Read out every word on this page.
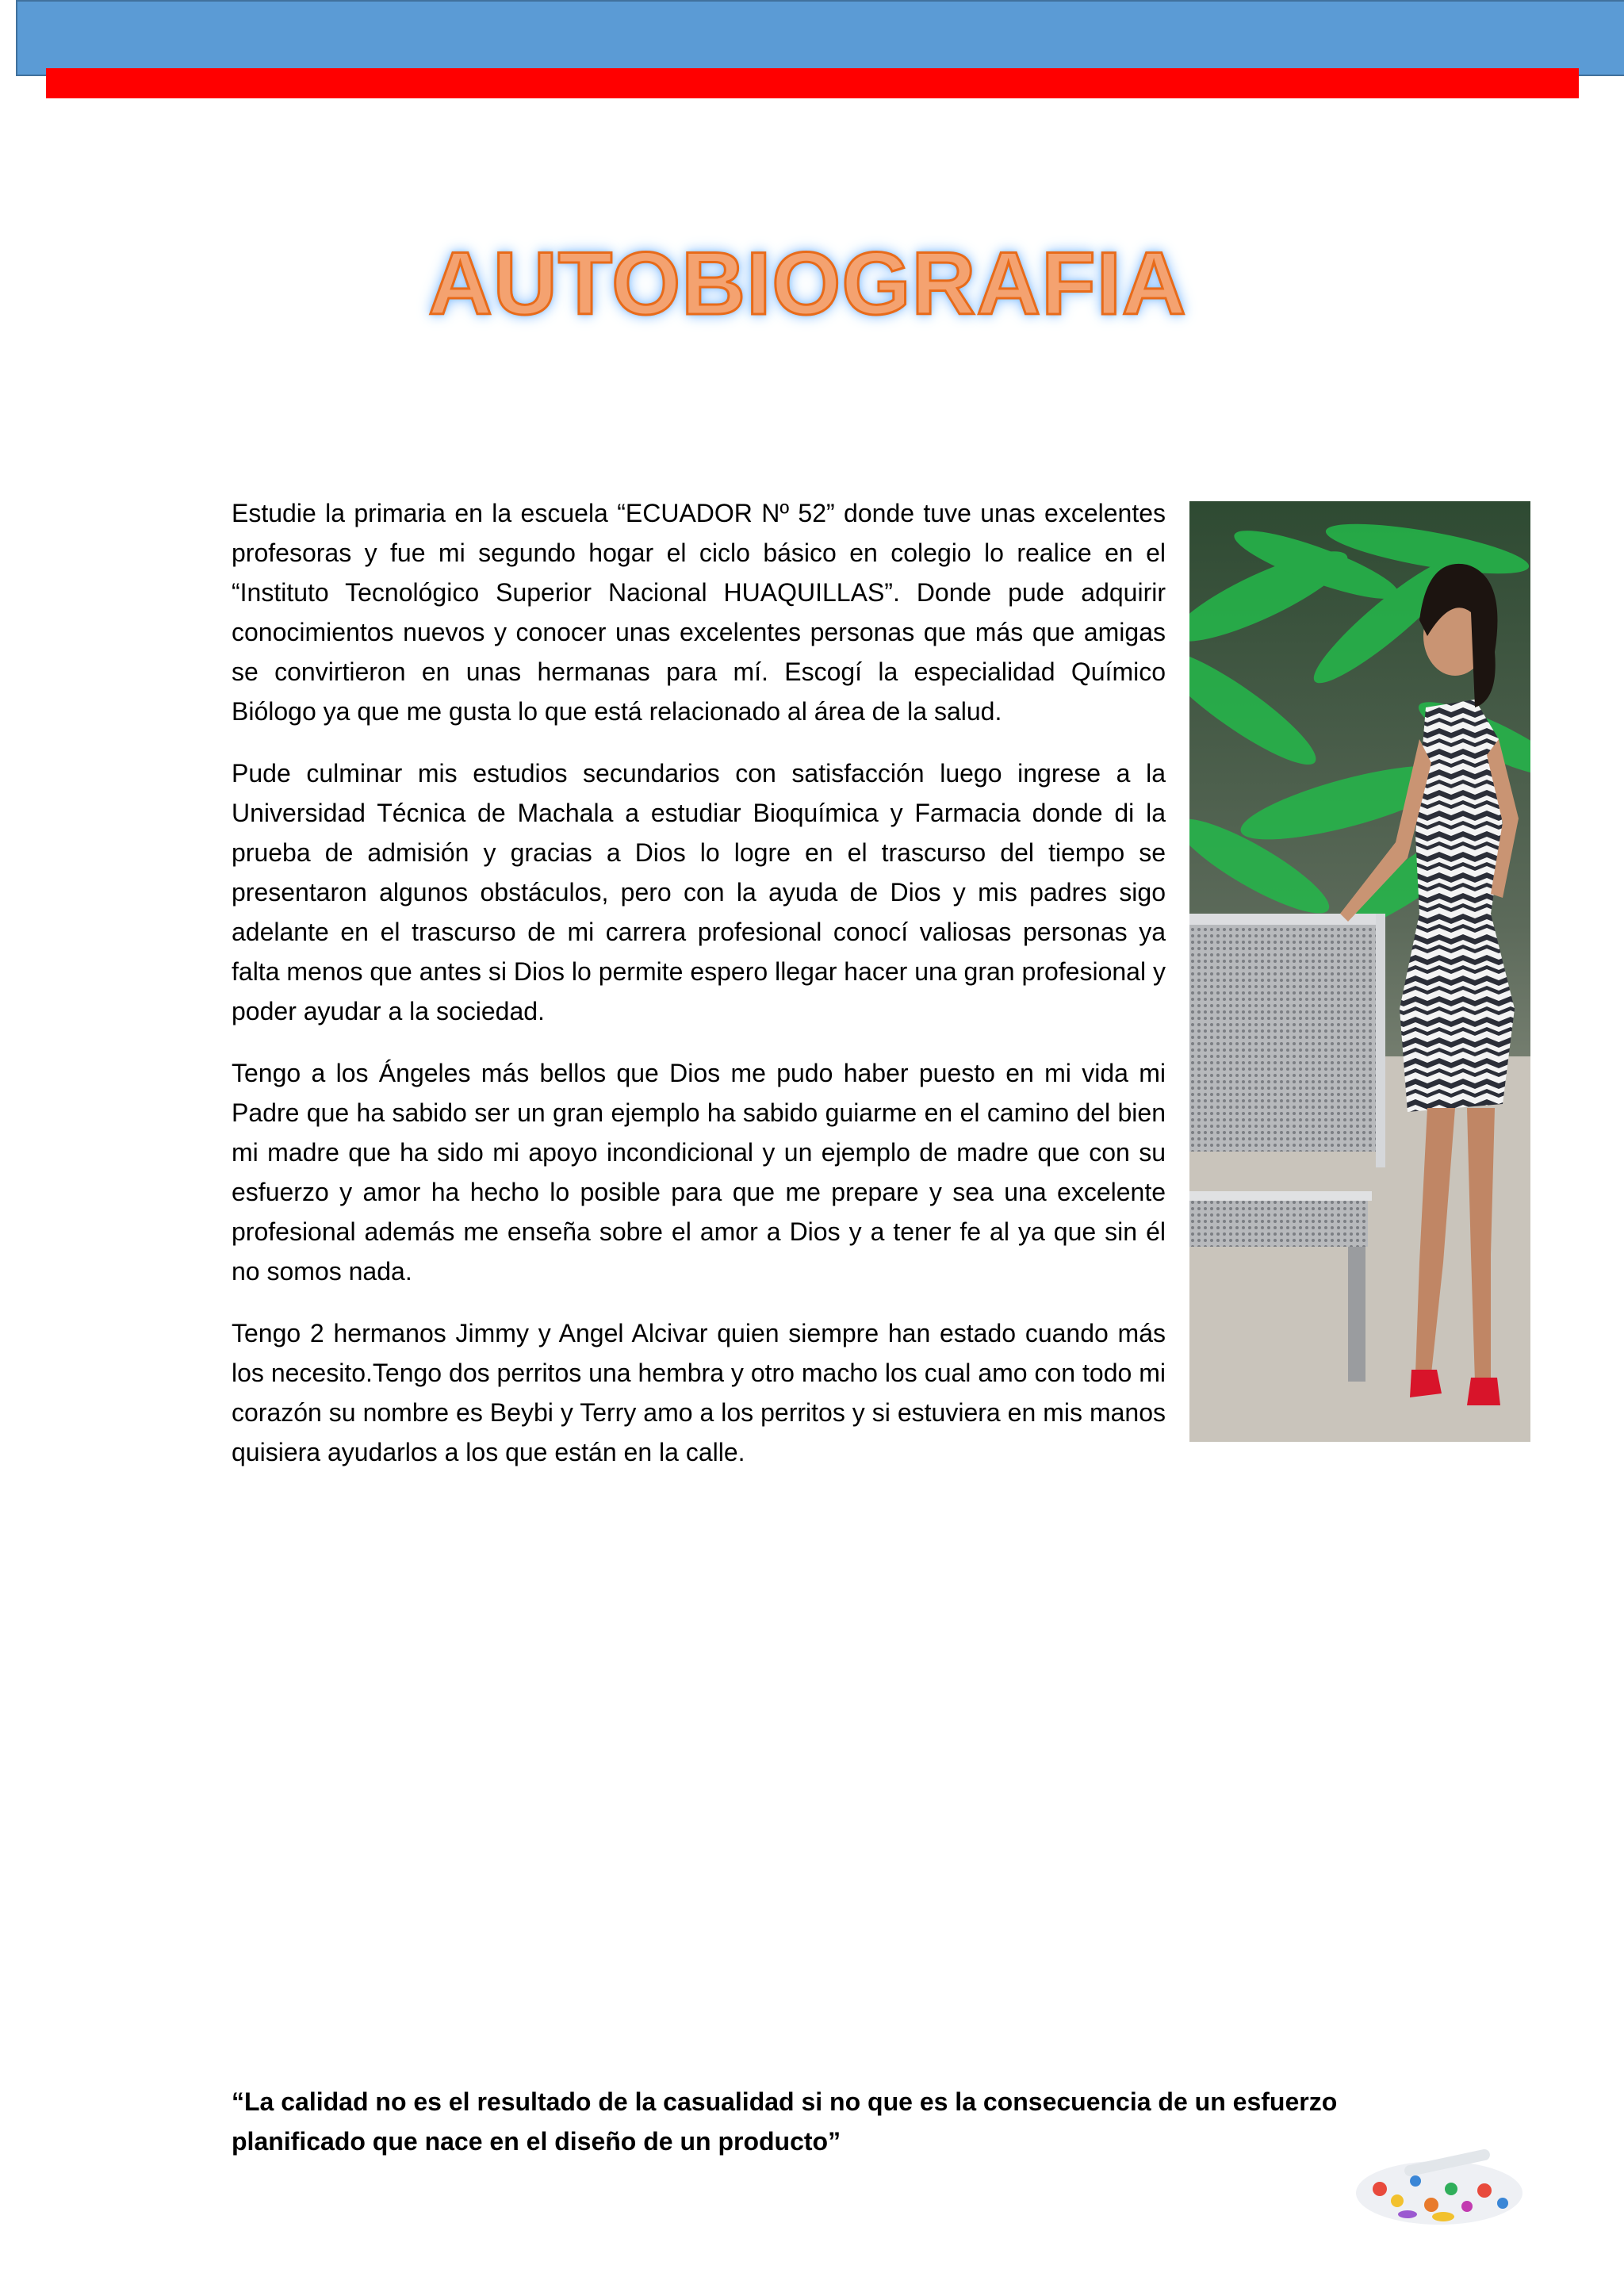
AUTOBIOGRAFIA

Estudie la primaria en la escuela “ECUADOR Nº 52” donde tuve unas excelentes profesoras y fue mi segundo hogar el ciclo básico en colegio lo realice en el “Instituto Tecnológico Superior Nacional HUAQUILLAS”. Donde pude adquirir conocimientos nuevos y conocer unas excelentes personas que más que amigas se convirtieron en unas hermanas para mí. Escogí la especialidad Químico Biólogo ya que me gusta lo que está relacionado al área de la salud.

Pude culminar mis estudios secundarios con satisfacción luego ingrese a la Universidad Técnica de Machala a estudiar Bioquímica y Farmacia donde di la prueba de admisión y gracias a Dios lo logre en el trascurso del tiempo se presentaron algunos obstáculos, pero con la ayuda de Dios y mis padres sigo adelante en el trascurso de mi carrera profesional conocí valiosas personas ya falta menos que antes si Dios lo permite espero llegar hacer una gran profesional y poder ayudar a la sociedad.

Tengo a los Ángeles más bellos que Dios me pudo haber puesto en mi vida mi Padre que ha sabido ser un gran ejemplo ha sabido guiarme en el camino del bien mi madre que ha sido mi apoyo incondicional y un ejemplo de madre que con su esfuerzo y amor ha hecho lo posible para que me prepare y sea una excelente profesional además me enseña sobre el amor a Dios y a tener fe al ya que sin él no somos nada.

Tengo 2 hermanos Jimmy y Angel Alcivar quien siempre han estado cuando más los necesito.Tengo dos perritos una hembra y otro macho los cual amo con todo mi corazón su nombre es Beybi y Terry amo a los perritos y si estuviera en mis manos quisiera ayudarlos a los que están en la calle.

“La calidad no es el resultado de la casualidad si no que es la consecuencia de un esfuerzo planificado que nace en el diseño de un producto”
